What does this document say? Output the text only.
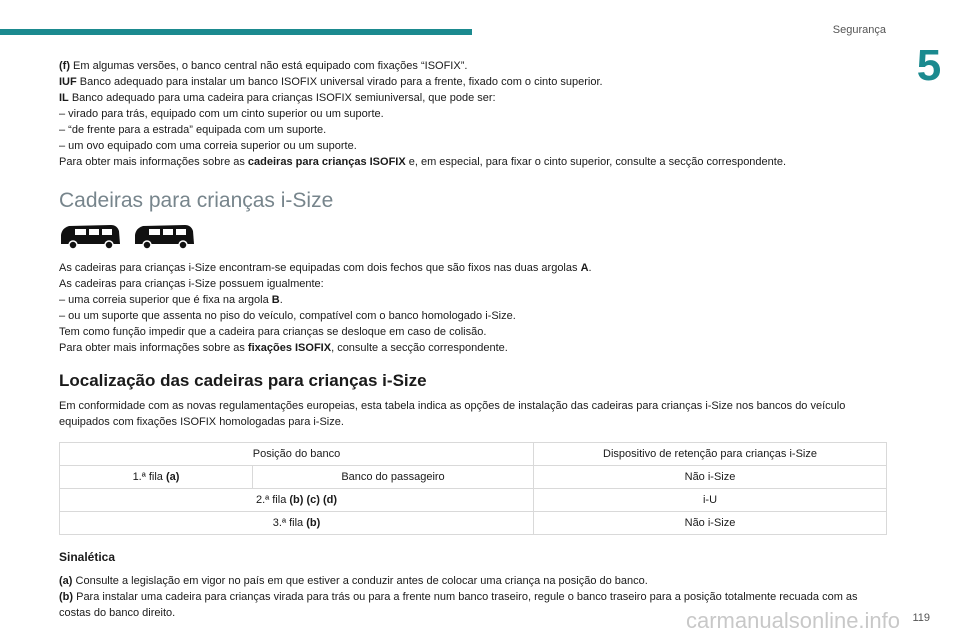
Segurança
5

(f) Em algumas versões, o banco central não está equipado com fixações “ISOFIX”.

IUF Banco adequado para instalar um banco ISOFIX universal virado para a frente, fixado com o cinto superior.

IL Banco adequado para uma cadeira para crianças ISOFIX semiuniversal, que pode ser:

– virado para trás, equipado com um cinto superior ou um suporte.

– “de frente para a estrada” equipada com um suporte.

– um ovo equipado com uma correia superior ou um suporte.

Para obter mais informações sobre as cadeiras para crianças ISOFIX e, em especial, para fixar o cinto superior, consulte a secção correspondente.

Cadeiras para crianças i-Size

As cadeiras para crianças i-Size encontram-se equipadas com dois fechos que são fixos nas duas argolas A.

As cadeiras para crianças i-Size possuem igualmente:

– uma correia superior que é fixa na argola B.

– ou um suporte que assenta no piso do veículo, compatível com o banco homologado i-Size.

Tem como função impedir que a cadeira para crianças se desloque em caso de colisão.

Para obter mais informações sobre as fixações ISOFIX, consulte a secção correspondente.

Localização das cadeiras para crianças i-Size

Em conformidade com as novas regulamentações europeias, esta tabela indica as opções de instalação das cadeiras para crianças i-Size nos bancos do veículo equipados com fixações ISOFIX homologadas para i-Size.

Posição do banco		Dispositivo de retenção para crianças i-Size
1.ª fila (a)	Banco do passageiro	Não i-Size
2.ª fila (b) (c) (d)		i-U
3.ª fila (b)		Não i-Size
Sinalética

(a) Consulte a legislação em vigor no país em que estiver a conduzir antes de colocar uma criança na posição do banco.

(b) Para instalar uma cadeira para crianças virada para trás ou para a frente num banco traseiro, regule o banco traseiro para a posição totalmente recuada com as costas do banco direito.	carmanualsonline.info 119
